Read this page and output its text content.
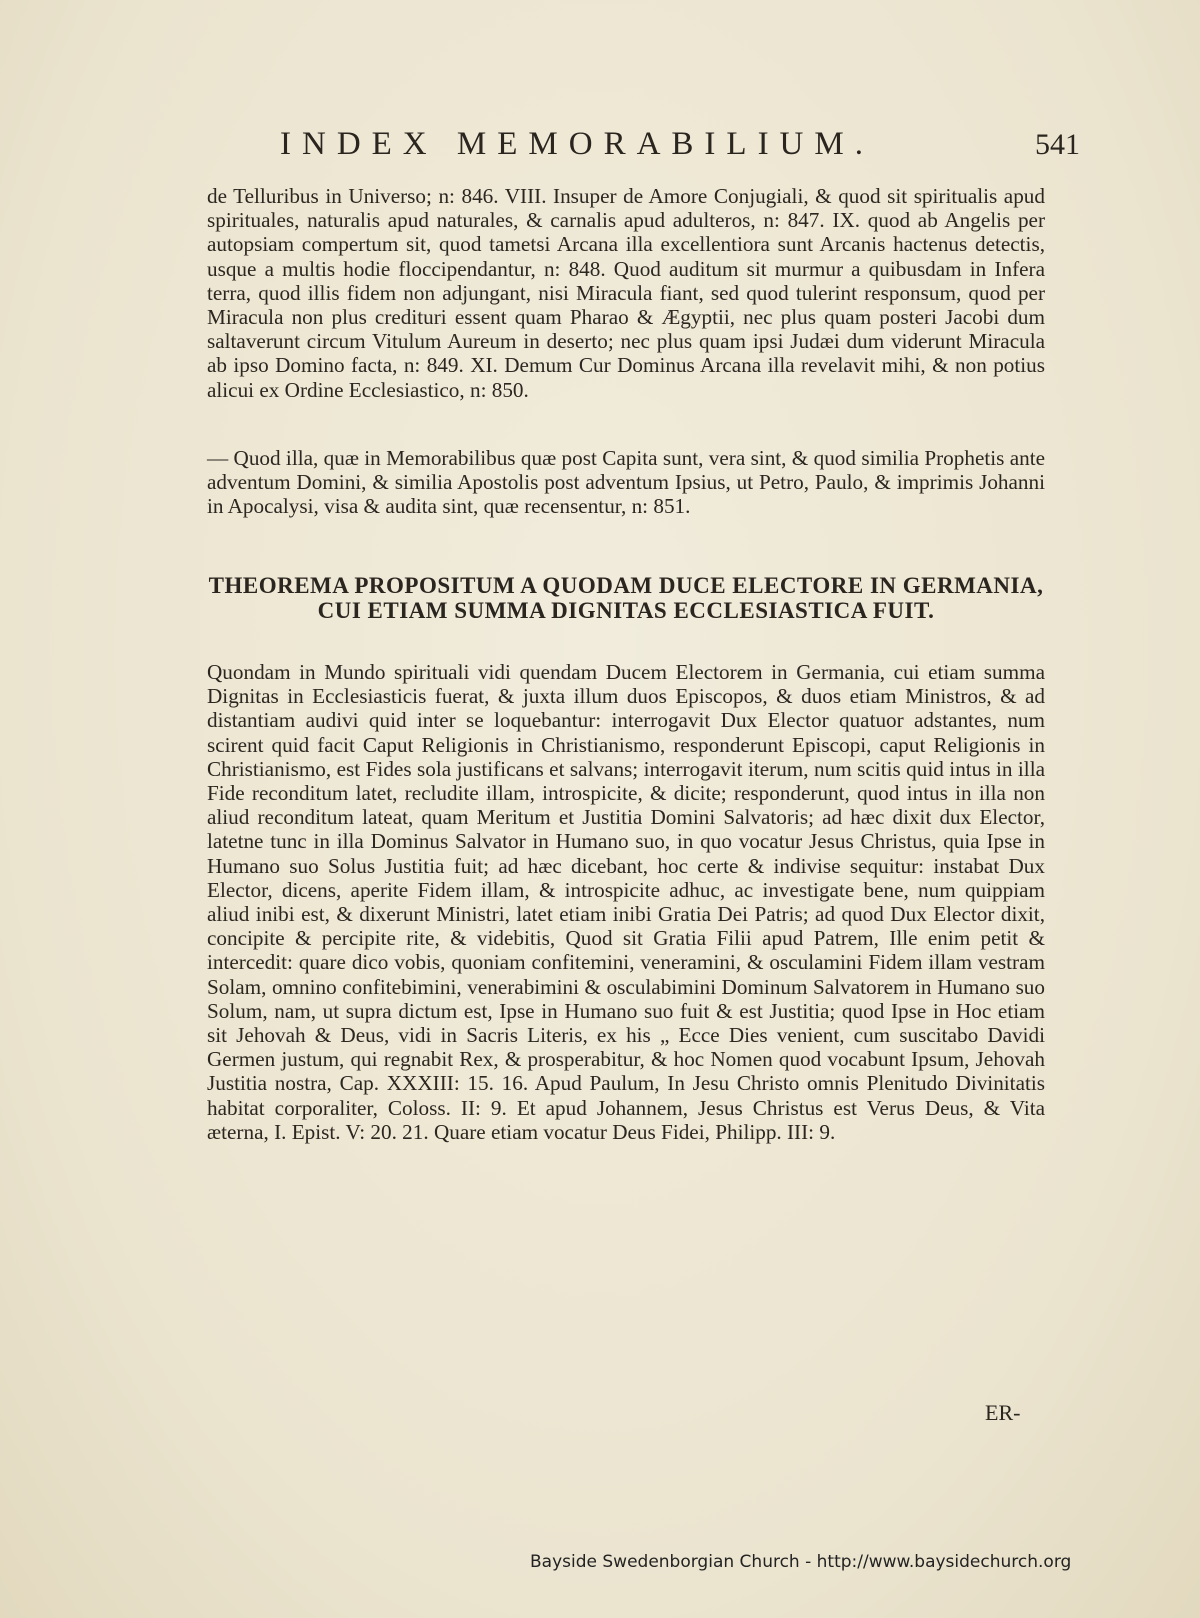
INDEX MEMORABILIUM.	541

de Telluribus in Universo; n: 846. VIII. Insuper de Amore Conjugiali, & quod sit spiritualis apud spirituales, naturalis apud naturales, & carnalis apud adulteros, n: 847. IX. quod ab Angelis per autopsiam compertum sit, quod tametsi Arcana illa excellentiora sunt Arcanis hactenus detectis, usque a multis hodie floccipendantur, n: 848. Quod auditum sit murmur a quibusdam in Infera terra, quod illis fidem non adjungant, nisi Miracula fiant, sed quod tulerint responsum, quod per Miracula non plus credituri essent quam Pharao & Ægyptii, nec plus quam posteri Jacobi dum saltaverunt circum Vitulum Aureum in deserto; nec plus quam ipsi Judæi dum viderunt Miracula ab ipso Domino facta, n: 849. XI. Demum Cur Dominus Arcana illa revelavit mihi, & non potius alicui ex Ordine Ecclesiastico, n: 850.

— Quod illa, quæ in Memorabilibus quæ post Capita sunt, vera sint, & quod similia Prophetis ante adventum Domini, & similia Apostolis post adventum Ipsius, ut Petro, Paulo, & imprimis Johanni in Apocalysi, visa & audita sint, quæ recensentur, n: 851.

THEOREMA PROPOSITUM A QUODAM DUCE ELECTORE IN GERMANIA, CUI ETIAM SUMMA DIGNITAS ECCLESIASTICA FUIT.

Quondam in Mundo spirituali vidi quendam Ducem Electorem in Germania, cui etiam summa Dignitas in Ecclesiasticis fuerat, & juxta illum duos Episcopos, & duos etiam Ministros, & ad distantiam audivi quid inter se loquebantur: interrogavit Dux Elector quatuor adstantes, num scirent quid facit Caput Religionis in Christianismo, responderunt Episcopi, caput Religionis in Christianismo, est Fides sola justificans et salvans; interrogavit iterum, num scitis quid intus in illa Fide reconditum latet, recludite illam, introspicite, & dicite; responderunt, quod intus in illa non aliud reconditum lateat, quam Meritum et Justitia Domini Salvatoris; ad hæc dixit dux Elector, latetne tunc in illa Dominus Salvator in Humano suo, in quo vocatur Jesus Christus, quia Ipse in Humano suo Solus Justitia fuit; ad hæc dicebant, hoc certe & indivise sequitur: instabat Dux Elector, dicens, aperite Fidem illam, & introspicite adhuc, ac investigate bene, num quippiam aliud inibi est, & dixerunt Ministri, latet etiam inibi Gratia Dei Patris; ad quod Dux Elector dixit, concipite & percipite rite, & videbitis, Quod sit Gratia Filii apud Patrem, Ille enim petit & intercedit: quare dico vobis, quoniam confitemini, veneramini, & osculamini Fidem illam vestram Solam, omnino confitebimini, venerabimini & osculabimini Dominum Salvatorem in Humano suo Solum, nam, ut supra dictum est, Ipse in Humano suo fuit & est Justitia; quod Ipse in Hoc etiam sit Jehovah & Deus, vidi in Sacris Literis, ex his „ Ecce Dies venient, cum suscitabo Davidi Germen justum, qui regnabit Rex, & prosperabitur, & hoc Nomen quod vocabunt Ipsum, Jehovah Justitia nostra, Cap. XXXIII: 15. 16. Apud Paulum, In Jesu Christo omnis Plenitudo Divinitatis habitat corporaliter, Coloss. II: 9. Et apud Johannem, Jesus Christus est Verus Deus, & Vita æterna, I. Epist. V: 20. 21. Quare etiam vocatur Deus Fidei, Philipp. III: 9.

ER-
Bayside Swedenborgian Church - http://www.baysidechurch.org
